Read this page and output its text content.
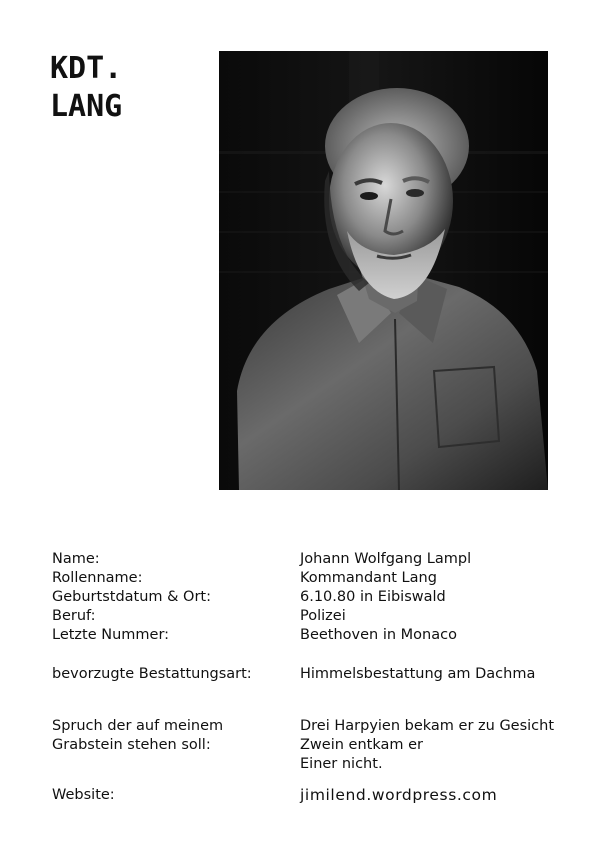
KDT.
LANG
Name:	Johann Wolfgang Lampl
Rollenname:	Kommandant Lang
Geburtstdatum & Ort:	6.10.80 in Eibiswald
Beruf:	Polizei
Letzte Nummer:	Beethoven in Monaco
bevorzugte Bestattungsart:	Himmelsbestattung am Dachma
Spruch der auf meinem
Grabstein stehen soll:
Drei Harpyien bekam er zu Gesicht
Zwein entkam er
Einer nicht.
Website:	jimilend.wordpress.com
